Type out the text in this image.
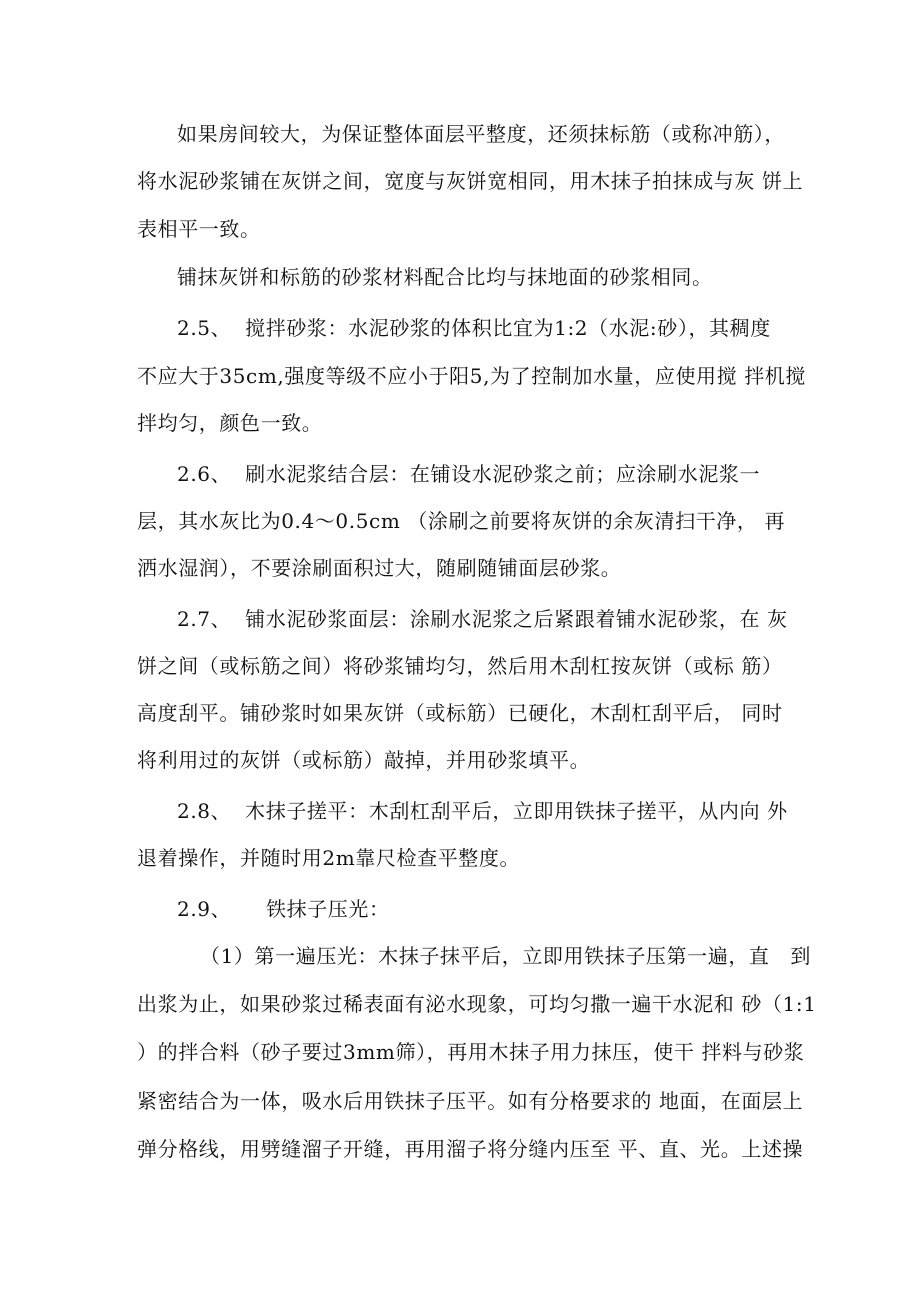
如果房间较大，为保证整体面层平整度，还须抹标筋（或称冲筋），
将水泥砂浆铺在灰饼之间，宽度与灰饼宽相同，用木抹子拍抹成与灰 饼上
表相平一致。
铺抹灰饼和标筋的砂浆材料配合比均与抹地面的砂浆相同。
2.5、  搅拌砂浆：水泥砂浆的体积比宜为1:2（水泥:砂），其稠度
不应大于35cm,强度等级不应小于阳5,为了控制加水量，应使用搅 拌机搅
拌均匀，颜色一致。
2.6、  刷水泥浆结合层：在铺设水泥砂浆之前；应涂刷水泥浆一
层，其水灰比为0.4～0.5cm （涂刷之前要将灰饼的余灰清扫干净， 再
洒水湿润），不要涂刷面积过大，随刷随铺面层砂浆。
2.7、  铺水泥砂浆面层：涂刷水泥浆之后紧跟着铺水泥砂浆，在 灰
饼之间（或标筋之间）将砂浆铺均匀，然后用木刮杠按灰饼（或标 筋）
高度刮平。铺砂浆时如果灰饼（或标筋）已硬化，木刮杠刮平后， 同时
将利用过的灰饼（或标筋）敲掉，并用砂浆填平。
2.8、  木抹子搓平：木刮杠刮平后，立即用铁抹子搓平，从内向 外
退着操作，并随时用2m靠尺检查平整度。
2.9、     铁抹子压光：
（1）第一遍压光：木抹子抹平后，立即用铁抹子压第一遍，直   到
出浆为止，如果砂浆过稀表面有泌水现象，可均匀撒一遍干水泥和 砂（1:1
）的拌合料（砂子要过3mm筛），再用木抹子用力抹压，使干 拌料与砂浆
紧密结合为一体，吸水后用铁抹子压平。如有分格要求的 地面，在面层上
弹分格线，用劈缝溜子开缝，再用溜子将分缝内压至 平、直、光。上述操
